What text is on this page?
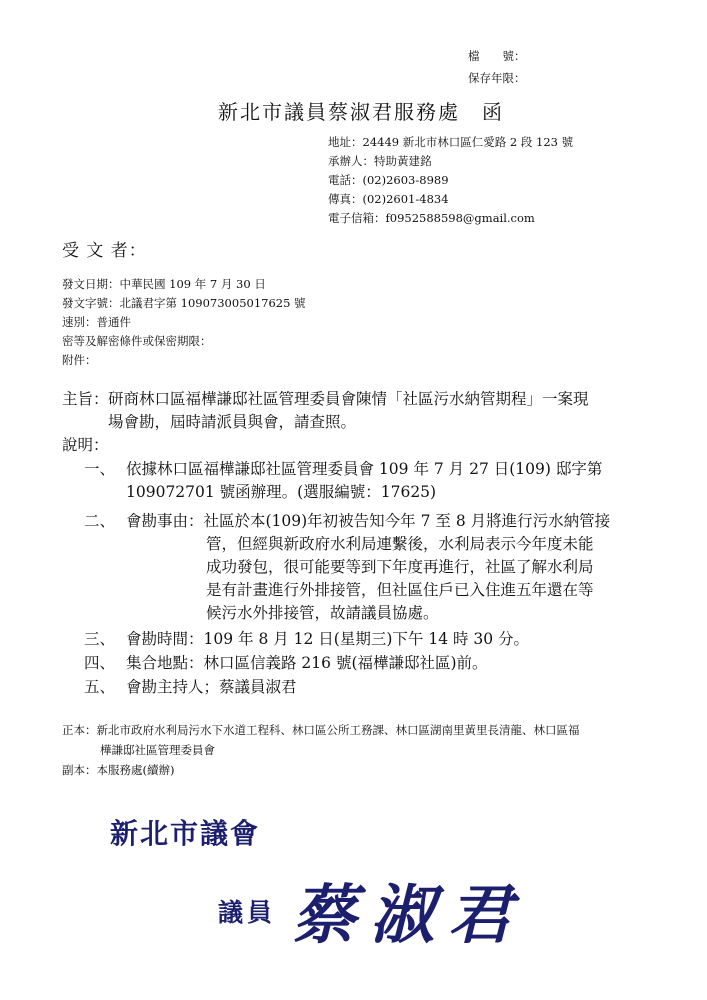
檔　　號：
保存年限：
新北市議員蔡淑君服務處　函
地址：24449 新北市林口區仁愛路 2 段 123 號
承辦人：特助黃建銘
電話：(02)2603-8989
傳真：(02)2601-4834
電子信箱：f0952588598@gmail.com
受 文 者：
發文日期：中華民國 109 年 7 月 30 日
發文字號：北議君字第 109073005017625 號
速別：普通件
密等及解密條件或保密期限：
附件：
主旨： 研商林口區福樺謙邸社區管理委員會陳情「社區污水納管期程」一案現
場會勘，屆時請派員與會，請查照。
說明：
一、 依據林口區福樺謙邸社區管理委員會 109 年 7 月 27 日(109) 邸字第
109072701 號函辦理。(選服編號：17625)
二、 會勘事由：社區於本(109)年初被告知今年 7 至 8 月將進行污水納管接
管，但經與新政府水利局連繫後，水利局表示今年度未能
成功發包，很可能要等到下年度再進行，社區了解水利局
是有計畫進行外排接管，但社區住戶已入住進五年還在等
候污水外排接管，故請議員協處。
三、 會勘時間：109 年 8 月 12 日(星期三)下午 14 時 30 分。
四、 集合地點：林口區信義路 216 號(福樺謙邸社區)前。
五、 會勘主持人；蔡議員淑君
正本：新北市政府水利局污水下水道工程科、林口區公所工務課、林口區湖南里黃里長清龍、林口區福
樺謙邸社區管理委員會
副本：本服務處(續辦)
新北市議會
議員 蔡淑君
